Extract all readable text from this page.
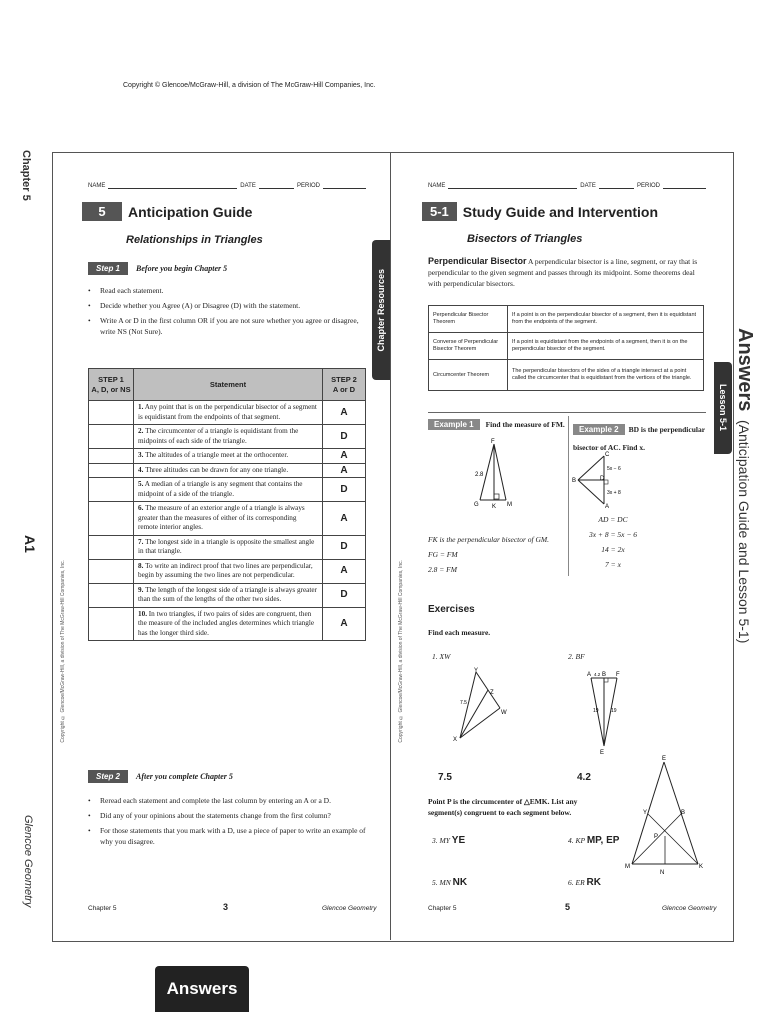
Copyright © Glencoe/McGraw-Hill, a division of The McGraw-Hill Companies, Inc.
Chapter 5
A1
Glencoe Geometry
Answers
(Anticipation Guide and Lesson 5-1)
Lesson 5-1
Chapter Resources
Copyright © Glencoe/McGraw-Hill, a division of The McGraw-Hill Companies, Inc.	Copyright © Glencoe/McGraw-Hill, a division of The McGraw-Hill Companies, Inc.
NAME	DATE	PERIOD
5	Anticipation Guide
Relationships in Triangles
Step 1	Before you begin Chapter 5
• Read each statement.
• Decide whether you Agree (A) or Disagree (D) with the statement.
• Write A or D in the first column OR if you are not sure whether you agree or disagree, write NS (Not Sure).
STEP 1
A, D, or NS	Statement	STEP 2
A or D
	1. Any point that is on the perpendicular bisector of a segment is equidistant from the endpoints of that segment.	A
	2. The circumcenter of a triangle is equidistant from the midpoints of each side of the triangle.	D
	3. The altitudes of a triangle meet at the orthocenter.	A
	4. Three altitudes can be drawn for any one triangle.	A
	5. A median of a triangle is any segment that contains the midpoint of a side of the triangle.	D
	6. The measure of an exterior angle of a triangle is always greater than the measures of either of its corresponding remote interior angles.	A
	7. The longest side in a triangle is opposite the smallest angle in that triangle.	D
	8. To write an indirect proof that two lines are perpendicular, begin by assuming the two lines are not perpendicular.	A
	9. The length of the longest side of a triangle is always greater than the sum of the lengths of the other two sides.	D
	10. In two triangles, if two pairs of sides are congruent, then the measure of the included angles determines which triangle has the longer third side.	A
Step 2	After you complete Chapter 5
• Reread each statement and complete the last column by entering an A or a D.
• Did any of your opinions about the statements change from the first column?
• For those statements that you mark with a D, use a piece of paper to write an example of why you disagree.
Chapter 5	3	Glencoe Geometry
NAME	DATE	PERIOD
5-1	Study Guide and Intervention
Bisectors of Triangles
Perpendicular Bisector A perpendicular bisector is a line, segment, or ray that is perpendicular to the given segment and passes through its midpoint. Some theorems deal with perpendicular bisectors.
Perpendicular Bisector Theorem	If a point is on the perpendicular bisector of a segment, then it is equidistant from the endpoints of the segment.
Converse of Perpendicular Bisector Theorem	If a point is equidistant from the endpoints of a segment, then it is on the perpendicular bisector of the segment.
Circumcenter Theorem	The perpendicular bisectors of the sides of a triangle intersect at a point called the circumcenter that is equidistant from the vertices of the triangle.
Example 1	Find the measure of FM.
F
G K M
2.8
FK is the perpendicular bisector of GM.
FG = FM
2.8 = FM
Example 2 BD is the perpendicular bisector of AC. Find x.
B
C
D
A
5x − 6
3x + 8
AD = DC
3x + 8 = 5x − 6
14 = 2x
7 = x
Exercises
Find each measure.
1. XW
Y
Z
W
X
7.5
7.5
2. BF
A B F
E
4.2
19 19
4.2
Point P is the circumcenter of △EMK. List any segment(s) congruent to each segment below.
E
M	K
N
P
Y	B
3. MY YE	4. KP MP, EP
5. MN NK	6. ER RK
Chapter 5	5	Glencoe Geometry
Answers
